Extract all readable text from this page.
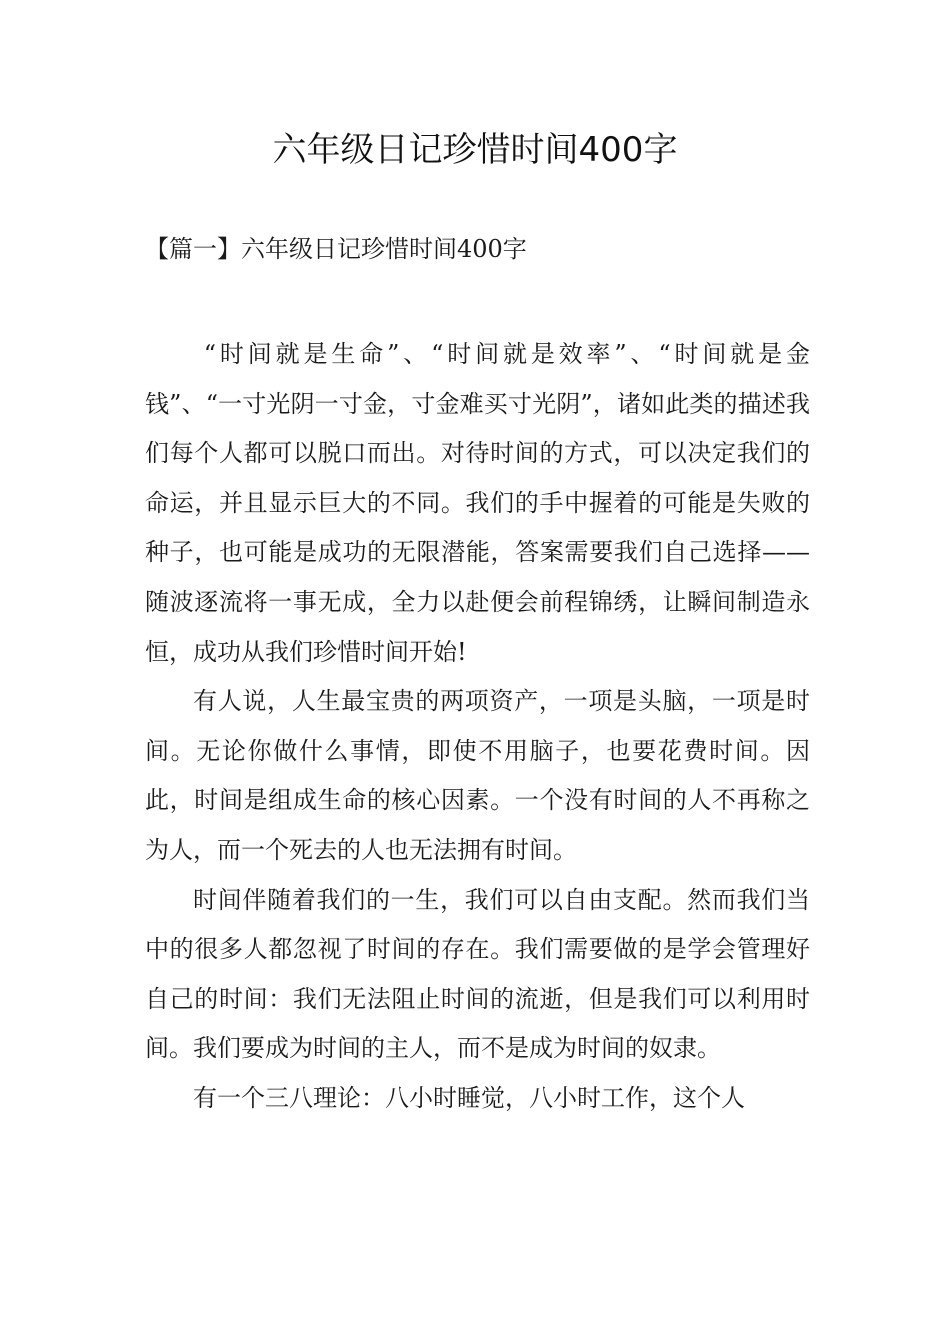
六年级日记珍惜时间400字
【篇一】六年级日记珍惜时间400字

“时间就是生命”、“时间就是效率”、“时间就是金钱”、“一寸光阴一寸金，寸金难买寸光阴”，诸如此类的描述我们每个人都可以脱口而出。对待时间的方式，可以决定我们的命运，并且显示巨大的不同。我们的手中握着的可能是失败的种子，也可能是成功的无限潜能，答案需要我们自己选择——随波逐流将一事无成，全力以赴便会前程锦绣，让瞬间制造永恒，成功从我们珍惜时间开始!

有人说，人生最宝贵的两项资产，一项是头脑，一项是时间。无论你做什么事情，即使不用脑子，也要花费时间。因此，时间是组成生命的核心因素。一个没有时间的人不再称之为人，而一个死去的人也无法拥有时间。

时间伴随着我们的一生，我们可以自由支配。然而我们当中的很多人都忽视了时间的存在。我们需要做的是学会管理好自己的时间：我们无法阻止时间的流逝，但是我们可以利用时间。我们要成为时间的主人，而不是成为时间的奴隶。

有一个三八理论：八小时睡觉，八小时工作，这个人
